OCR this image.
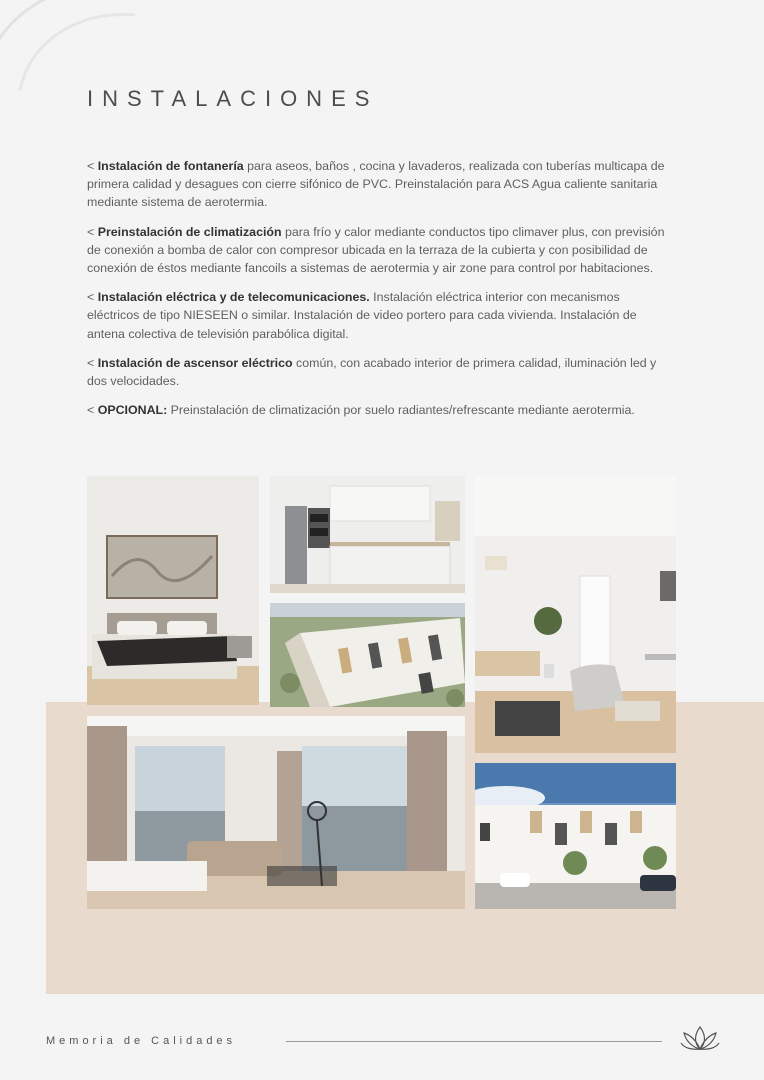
INSTALACIONES

< Instalación de fontanería para aseos, baños , cocina y lavaderos, realizada con tuberías multicapa de primera calidad y desagues con cierre sifónico de PVC. Preinstalación para ACS Agua caliente sanitaria mediante sistema de aerotermia.

< Preinstalación de climatización para frío y calor mediante conductos tipo climaver plus, con previsión de conexión a bomba de calor con compresor ubicada en la terraza de la cubierta y con posibilidad de conexión de éstos mediante fancoils a sistemas de aerotermia y air zone para control por habitaciones.

< Instalación eléctrica y de telecomunicaciones. Instalación eléctrica interior con mecanismos eléctricos de tipo NIESEEN o similar. Instalación de video portero para cada vivienda. Instalación de antena colectiva de televisión parabólica digital.

< Instalación de ascensor eléctrico común, con acabado interior de primera calidad, iluminación led y dos velocidades.

< OPCIONAL: Preinstalación de climatización por suelo radiantes/refrescante mediante aerotermia.

Memoria de Calidades
